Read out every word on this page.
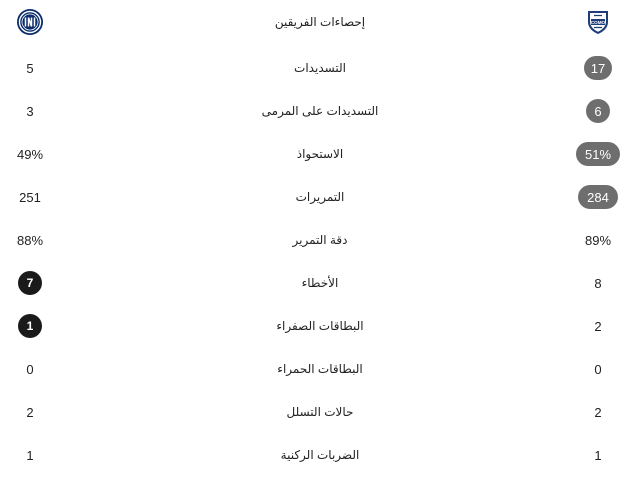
إحصاءات الفريقين	COMO
5	التسديدات	17
3	التسديدات على المرمى	6
49%	الاستحواذ	51%
251	التمريرات	284
88%	دقة التمرير	89%
7	الأخطاء	8
1	البطاقات الصفراء	2
0	البطاقات الحمراء	0
2	حالات التسلل	2
1	الضربات الركنية	1
